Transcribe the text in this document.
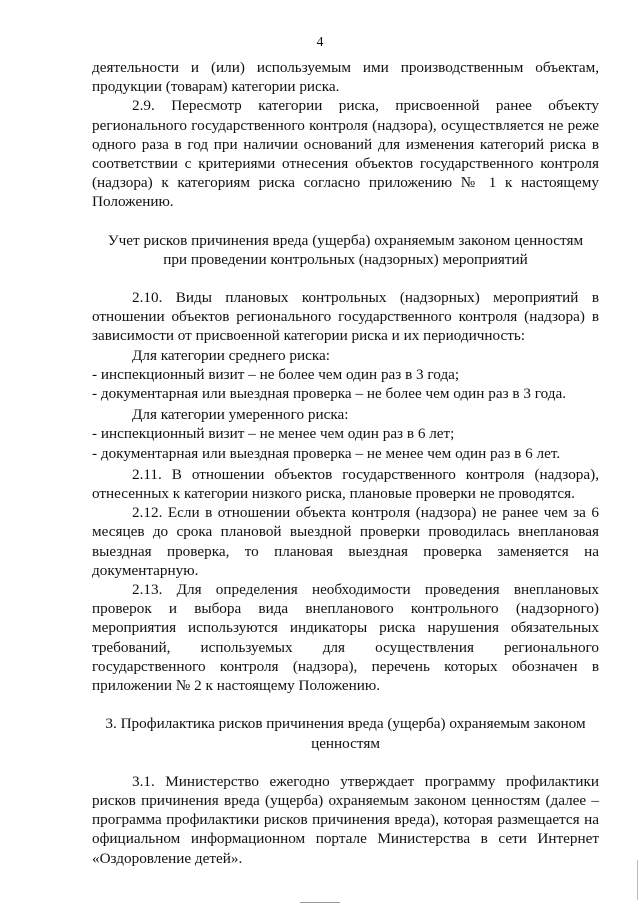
4

деятельности и (или) используемым ими производственным объектам, продукции (товарам) категории риска.

2.9. Пересмотр категории риска, присвоенной ранее объекту регионального государственного контроля (надзора), осуществляется не реже одного раза в год при наличии оснований для изменения категорий риска в соответствии с критериями отнесения объектов государственного контроля (надзора) к категориям риска согласно приложению № 1 к настоящему Положению.

Учет рисков причинения вреда (ущерба) охраняемым законом ценностям при проведении контрольных (надзорных) мероприятий

2.10. Виды плановых контрольных (надзорных) мероприятий в отношении объектов регионального государственного контроля (надзора) в зависимости от присвоенной категории риска и их периодичность:

Для категории среднего риска:

- инспекционный визит – не более чем один раз в 3 года;

- документарная или выездная проверка – не более чем один раз в 3 года.

Для категории умеренного риска:

- инспекционный визит – не менее чем один раз в 6 лет;

- документарная или выездная проверка – не менее чем один раз в 6 лет.

2.11. В отношении объектов государственного контроля (надзора), отнесенных к категории низкого риска, плановые проверки не проводятся.

2.12. Если в отношении объекта контроля (надзора) не ранее чем за 6 месяцев до срока плановой выездной проверки проводилась внеплановая выездная проверка, то плановая выездная проверка заменяется на документарную.

2.13. Для определения необходимости проведения внеплановых проверок и выбора вида внепланового контрольного (надзорного) мероприятия используются индикаторы риска нарушения обязательных требований, используемых для осуществления регионального государственного контроля (надзора), перечень которых обозначен в приложении № 2 к настоящему Положению.

3. Профилактика рисков причинения вреда (ущерба) охраняемым законом ценностям

3.1. Министерство ежегодно утверждает программу профилактики рисков причинения вреда (ущерба) охраняемым законом ценностям (далее – программа профилактики рисков причинения вреда), которая размещается на официальном информационном портале Министерства в сети Интернет «Оздоровление детей».
